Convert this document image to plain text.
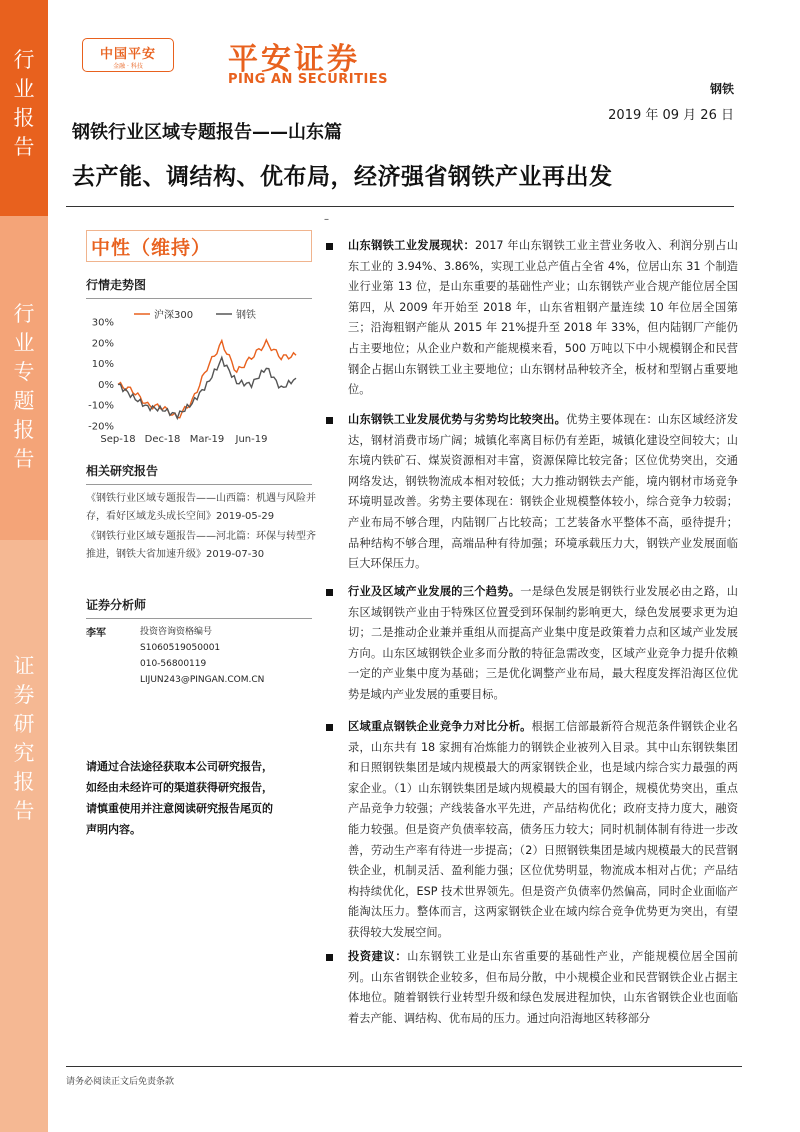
行
业
报
告
行
业
专
题
报
告
证
券
研
究
报
告
中国平安
金融 · 科技	平安证券
PING AN SECURITIES
钢铁
2019 年 09 月 26 日
钢铁行业区域专题报告——山东篇
去产能、调结构、优布局，经济强省钢铁产业再出发
–
中性（维持）
行情走势图
沪深300	钢铁
30%
20%
10%
0%
-10%
-20%
Sep-18 Dec-18 Mar-19 Jun-19
相关研究报告
《钢铁行业区域专题报告——山西篇：机遇与风险并存，看好区域龙头成长空间》2019-05-29
《钢铁行业区域专题报告——河北篇：环保与转型齐推进，钢铁大省加速升级》2019-07-30
证券分析师
李军	投资咨询资格编号
S1060519050001
010-56800119
LIJUN243@PINGAN.COM.CN
请通过合法途径获取本公司研究报告，如经由未经许可的渠道获得研究报告，请慎重使用并注意阅读研究报告尾页的声明内容。
山东钢铁工业发展现状：2017 年山东钢铁工业主营业务收入、利润分别占山东工业的 3.94%、3.86%，实现工业总产值占全省 4%，位居山东 31 个制造业行业第 13 位，是山东重要的基础性产业；山东钢铁产业合规产能位居全国第四，从 2009 年开始至 2018 年，山东省粗钢产量连续 10 年位居全国第三；沿海粗钢产能从 2015 年 21%提升至 2018 年 33%，但内陆钢厂产能仍占主要地位；从企业户数和产能规模来看，500 万吨以下中小规模钢企和民营钢企占据山东钢铁工业主要地位；山东钢材品种较齐全，板材和型钢占重要地位。
山东钢铁工业发展优势与劣势均比较突出。优势主要体现在：山东区域经济发达，钢材消费市场广阔；城镇化率离目标仍有差距，城镇化建设空间较大；山东境内铁矿石、煤炭资源相对丰富，资源保障比较完备；区位优势突出，交通网络发达，钢铁物流成本相对较低；大力推动钢铁去产能，境内钢材市场竞争环境明显改善。劣势主要体现在：钢铁企业规模整体较小，综合竞争力较弱；产业布局不够合理，内陆钢厂占比较高；工艺装备水平整体不高，亟待提升；品种结构不够合理，高端品种有待加强；环境承载压力大，钢铁产业发展面临巨大环保压力。
行业及区域产业发展的三个趋势。一是绿色发展是钢铁行业发展必由之路，山东区域钢铁产业由于特殊区位置受到环保制约影响更大，绿色发展要求更为迫切；二是推动企业兼并重组从而提高产业集中度是政策着力点和区域产业发展方向。山东区域钢铁企业多而分散的特征急需改变，区域产业竞争力提升依赖一定的产业集中度为基础；三是优化调整产业布局，最大程度发挥沿海区位优势是域内产业发展的重要目标。
区域重点钢铁企业竞争力对比分析。根据工信部最新符合规范条件钢铁企业名录，山东共有 18 家拥有冶炼能力的钢铁企业被列入目录。其中山东钢铁集团和日照钢铁集团是域内规模最大的两家钢铁企业，也是域内综合实力最强的两家企业。（1）山东钢铁集团是域内规模最大的国有钢企，规模优势突出，重点产品竞争力较强；产线装备水平先进，产品结构优化；政府支持力度大，融资能力较强。但是资产负债率较高，债务压力较大；同时机制体制有待进一步改善，劳动生产率有待进一步提高；（2）日照钢铁集团是域内规模最大的民营钢铁企业，机制灵活、盈利能力强；区位优势明显，物流成本相对占优；产品结构持续优化，ESP 技术世界领先。但是资产负债率仍然偏高，同时企业面临产能淘汰压力。整体而言，这两家钢铁企业在域内综合竞争优势更为突出，有望获得较大发展空间。
投资建议：山东钢铁工业是山东省重要的基础性产业，产能规模位居全国前列。山东省钢铁企业较多，但布局分散，中小规模企业和民营钢铁企业占据主体地位。随着钢铁行业转型升级和绿色发展进程加快，山东省钢铁企业也面临着去产能、调结构、优布局的压力。通过向沿海地区转移部分
请务必阅读正文后免责条款
